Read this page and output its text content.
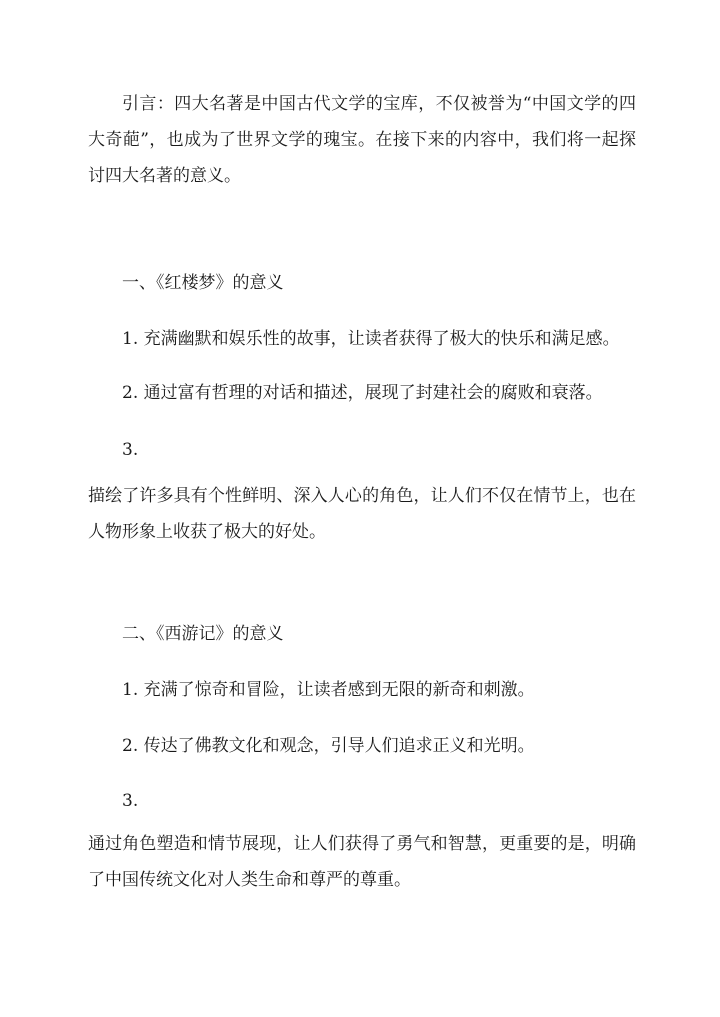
引言：四大名著是中国古代文学的宝库，不仅被誉为“中国文学的四大奇葩”，也成为了世界文学的瑰宝。在接下来的内容中，我们将一起探讨四大名著的意义。

一、《红楼梦》的意义

1. 充满幽默和娱乐性的故事，让读者获得了极大的快乐和满足感。

2. 通过富有哲理的对话和描述，展现了封建社会的腐败和衰落。

3.

描绘了许多具有个性鲜明、深入人心的角色，让人们不仅在情节上，也在人物形象上收获了极大的好处。

二、《西游记》的意义

1. 充满了惊奇和冒险，让读者感到无限的新奇和刺激。

2. 传达了佛教文化和观念，引导人们追求正义和光明。

3.

通过角色塑造和情节展现，让人们获得了勇气和智慧，更重要的是，明确了中国传统文化对人类生命和尊严的尊重。
